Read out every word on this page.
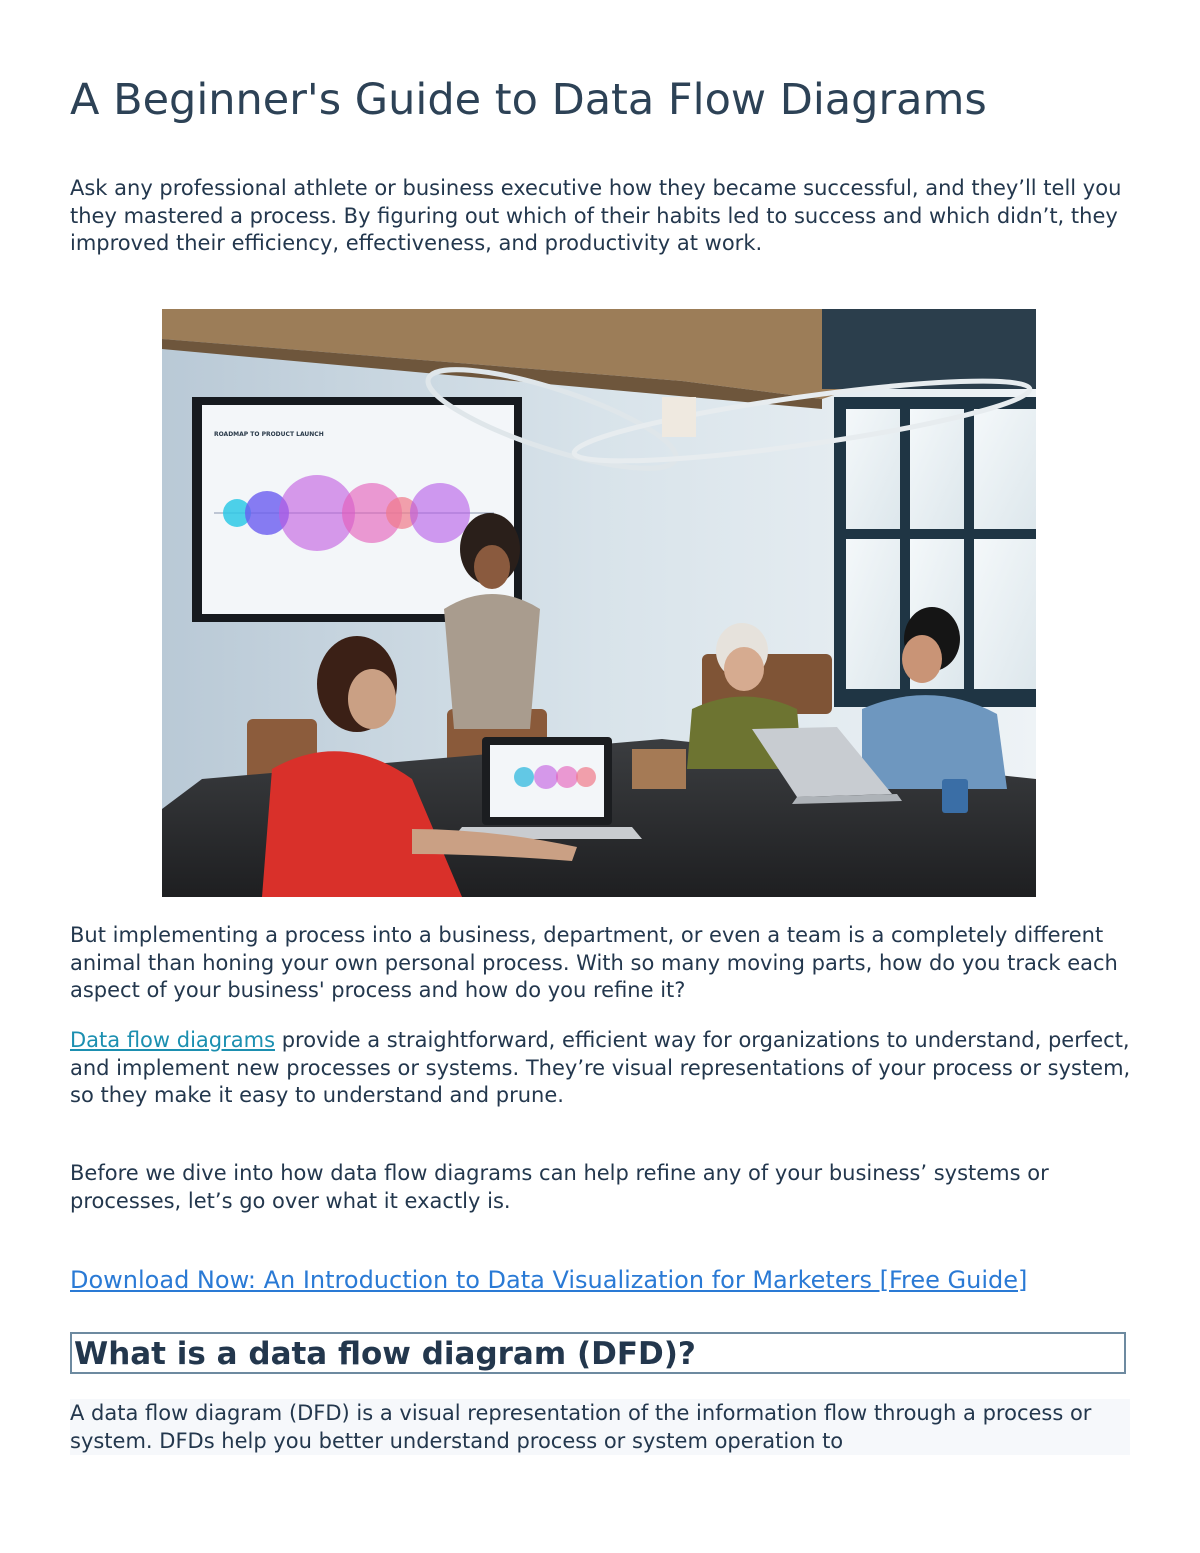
A Beginner's Guide to Data Flow Diagrams

Ask any professional athlete or business executive how they became successful, and they’ll tell you they mastered a process. By figuring out which of their habits led to success and which didn’t, they improved their efficiency, effectiveness, and productivity at work.

But implementing a process into a business, department, or even a team is a completely different animal than honing your own personal process. With so many moving parts, how do you track each aspect of your business' process and how do you refine it?

Data flow diagrams provide a straightforward, efficient way for organizations to understand, perfect, and implement new processes or systems. They’re visual representations of your process or system, so they make it easy to understand and prune.

Before we dive into how data flow diagrams can help refine any of your business’ systems or processes, let’s go over what it exactly is.

Download Now: An Introduction to Data Visualization for Marketers [Free Guide]
What is a data flow diagram (DFD)?

A data flow diagram (DFD) is a visual representation of the information flow through a process or system. DFDs help you better understand process or system operation to

ROADMAP TO PRODUCT LAUNCH
